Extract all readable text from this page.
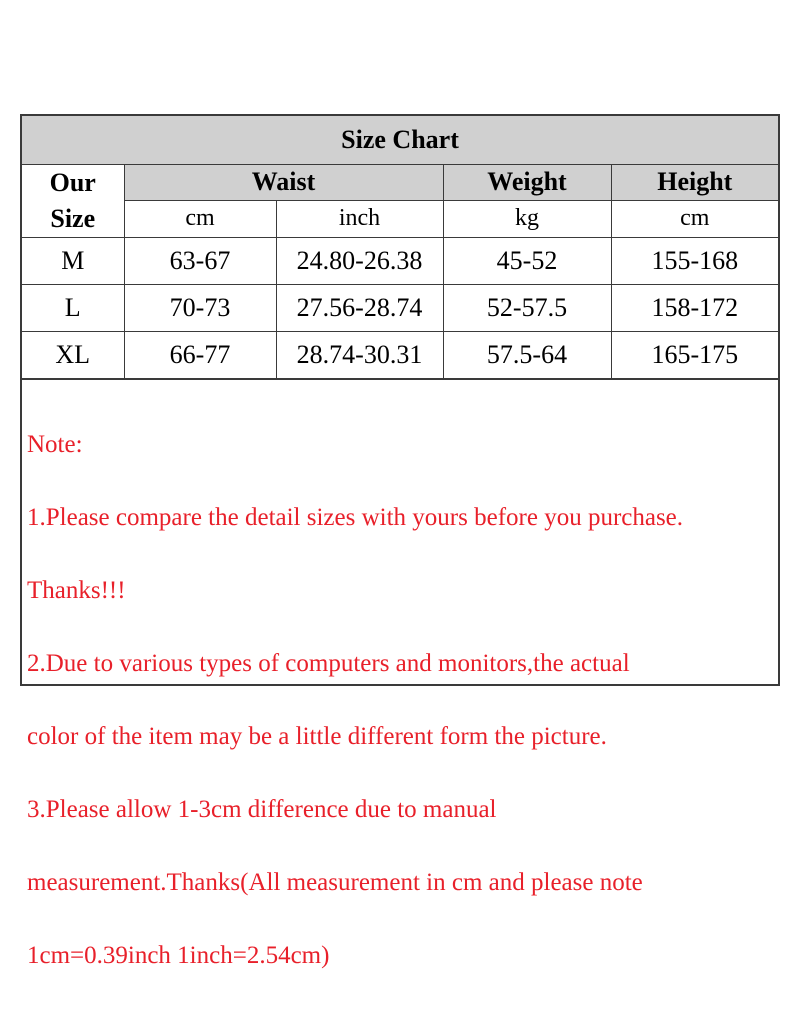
Size Chart				

Our
Size	Waist		Weight	Height
	cm	inch	kg	cm
M	63-67	24.80-26.38	45-52	155-168
L	70-73	27.56-28.74	52-57.5	158-172
XL	66-77	28.74-30.31	57.5-64	165-175

Note:

1.Please compare the detail sizes with yours before you purchase.

Thanks!!!

2.Due to various types of computers and monitors,the actual

color of the item may be a little different form the picture.

3.Please allow 1-3cm difference due to manual

measurement.Thanks(All measurement in cm and please note

1cm=0.39inch 1inch=2.54cm)
